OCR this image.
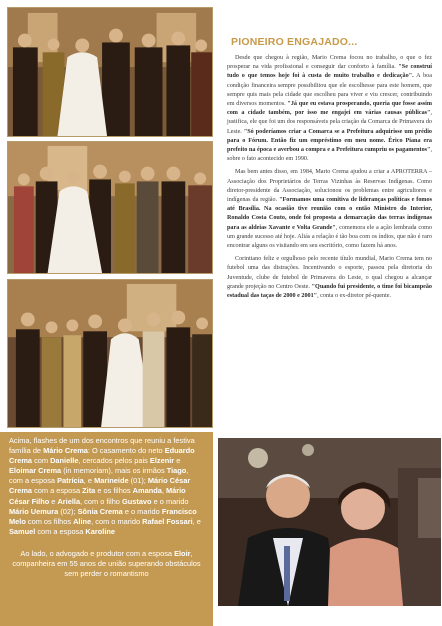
Acima, flashes de um dos encontros que reuniu a festiva família de Mário Crema: O casamento do neto Eduardo Crema com Danielle, cercados pelos pais Elzenir e Eloimar Crema (in memoriam), mais os irmãos Tiago, com a esposa Patrícia, e Marineide (01); Mário César Crema com a esposa Zita e os filhos Amanda, Mário César Filho e Ariella, com o filho Gustavo e o marido Mário Uemura (02); Sônia Crema e o marido Francisco Melo com os filhos Aline, com o marido Rafael Fossari, e Samuel com a esposa Karoline

Ao lado, o advogado e produtor com a esposa Eloir, companheira em 55 anos de união superando obstáculos sem perder o romantismo

PIONEIRO ENGAJADO...

Desde que chegou à região, Mario Crema focou no trabalho, o que o fez prosperar na vida profissional e conseguir dar conforto à família. "Se construí tudo o que temos hoje foi à custa de muito trabalho e dedicação". A boa condição financeira sempre possibilitou que ele escolhesse para este homem, que sempre quis mais pela cidade que escolheu para viver e viu crescer, contribuindo em diversos momentos. "Já que eu estava prosperando, queria que fosse assim com a cidade também, por isso me engajei em várias causas públicas", justifica, ele que foi um dos responsáveis pela criação da Comarca de Primavera do Leste. "Só poderíamos criar a Comarca se a Prefeitura adquirisse um prédio para o Fórum. Então fiz um empréstimo em meu nome. Érico Piana era prefeito na época e averbou a compra e a Prefeitura cumpriu os pagamentos", sobre o fato acontecido em 1990.

Mas bem antes disso, em 1984, Mario Crema ajudou a criar a APROTERRA – Associação dos Proprietários de Terras Vizinhas às Reservas Indígenas. Como diretor-presidente da Associação, solucionou os problemas entre agricultores e indígenas da região. "Formamos uma comitiva de lideranças políticas e fomos até Brasília. Na ocasião tive reunião com o então Ministro do Interior, Ronaldo Costa Couto, onde foi proposta a demarcação das terras indígenas para as aldeias Xavante e Volta Grande", comemora ele a ação lembrada como um grande sucesso até hoje. Aliás a relação é tão boa com os índios, que não é raro encontrar alguns os visitando em seu escritório, como fazem há anos.

Corintiano feliz e orgulhoso pelo recente título mundial, Mario Crema tem no futebol uma das distrações. Incentivando o esporte, passou pela diretoria do Juventude, clube de futebol de Primavera do Leste, o qual chegou a alcançar grande projeção no Centro Oeste. "Quando fui presidente, o time foi bicampeão estadual das taças de 2000 e 2001", conta o ex-diretor pé-quente.
